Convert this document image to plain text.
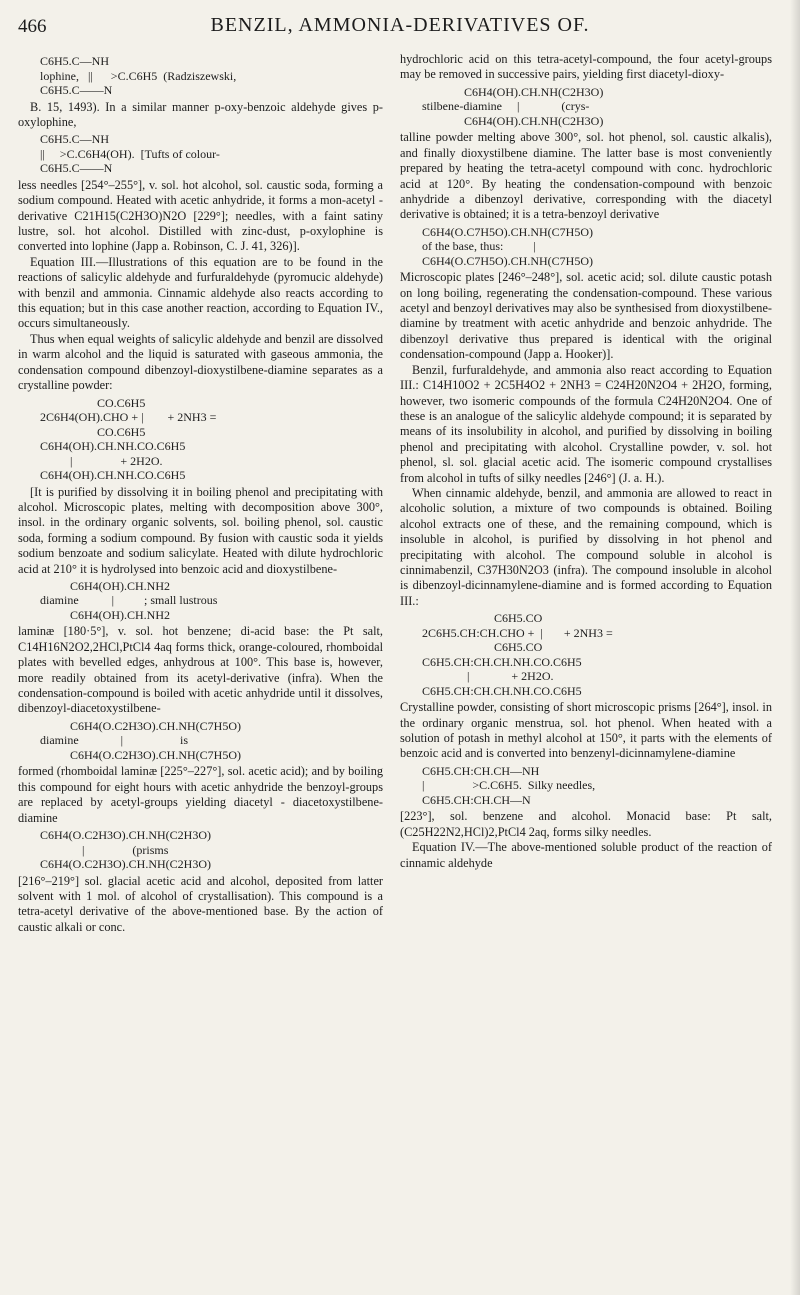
466	BENZIL, AMMONIA-DERIVATIVES OF.
C6H5.C—NH
lophine,   ||      >C.C6H5  (Radziszewski,
C6H5.C——N

B. 15, 1493). In a similar manner p-oxy-benzoic aldehyde gives p-oxylophine,

C6H5.C—NH
||     >C.C6H4(OH).  [Tufts of colour-
C6H5.C——N

less needles [254°–255°], v. sol. hot alcohol, sol. caustic soda, forming a sodium compound. Heated with acetic anhydride, it forms a mon-acetyl - derivative C21H15(C2H3O)N2O [229°]; needles, with a faint satiny lustre, sol. hot alcohol. Distilled with zinc-dust, p-oxylophine is converted into lophine (Japp a. Robinson, C. J. 41, 326)].

Equation III.—Illustrations of this equation are to be found in the reactions of salicylic aldehyde and furfuraldehyde (pyromucic aldehyde) with benzil and ammonia. Cinnamic aldehyde also reacts according to this equation; but in this case another reaction, according to Equation IV., occurs simultaneously.

Thus when equal weights of salicylic aldehyde and benzil are dissolved in warm alcohol and the liquid is saturated with gaseous ammonia, the condensation compound dibenzoyl-dioxystilbene-diamine separates as a crystalline powder:

CO.C6H5
2C6H4(OH).CHO + |        + 2NH3 =
CO.C6H5
C6H4(OH).CH.NH.CO.C6H5
|                + 2H2O.
C6H4(OH).CH.NH.CO.C6H5

[It is purified by dissolving it in boiling phenol and precipitating with alcohol. Microscopic plates, melting with decomposition above 300°, insol. in the ordinary organic solvents, sol. boiling phenol, sol. caustic soda, forming a sodium compound. By fusion with caustic soda it yields sodium benzoate and sodium salicylate. Heated with dilute hydrochloric acid at 210° it is hydrolysed into benzoic acid and dioxystilbene-

C6H4(OH).CH.NH2
diamine           |          ; small lustrous
C6H4(OH).CH.NH2

laminæ [180·5°], v. sol. hot benzene; di-acid base: the Pt salt, C14H16N2O2,2HCl,PtCl4 4aq forms thick, orange-coloured, rhomboidal plates with bevelled edges, anhydrous at 100°. This base is, however, more readily obtained from its acetyl-derivative (infra). When the condensation-compound is boiled with acetic anhydride until it dissolves, dibenzoyl-diacetoxystilbene-

C6H4(O.C2H3O).CH.NH(C7H5O)
diamine              |                   is
C6H4(O.C2H3O).CH.NH(C7H5O)

formed (rhomboidal laminæ [225°–227°], sol. acetic acid); and by boiling this compound for eight hours with acetic anhydride the benzoyl-groups are replaced by acetyl-groups yielding diacetyl - diacetoxystilbene-diamine

C6H4(O.C2H3O).CH.NH(C2H3O)
|                (prisms
C6H4(O.C2H3O).CH.NH(C2H3O)

[216°–219°] sol. glacial acetic acid and alcohol, deposited from latter solvent with 1 mol. of alcohol of crystallisation). This compound is a tetra-acetyl derivative of the above-mentioned base. By the action of caustic alkali or conc.

hydrochloric acid on this tetra-acetyl-compound, the four acetyl-groups may be removed in successive pairs, yielding first diacetyl-dioxy-

C6H4(OH).CH.NH(C2H3O)
stilbene-diamine     |              (crys-
C6H4(OH).CH.NH(C2H3O)

talline powder melting above 300°, sol. hot phenol, sol. caustic alkalis), and finally dioxystilbene diamine. The latter base is most conveniently prepared by heating the tetra-acetyl compound with conc. hydrochloric acid at 120°. By heating the condensation-compound with benzoic anhydride a dibenzoyl derivative, corresponding with the diacetyl derivative is obtained; it is a tetra-benzoyl derivative

C6H4(O.C7H5O).CH.NH(C7H5O)
of the base, thus:          |
C6H4(O.C7H5O).CH.NH(C7H5O)

Microscopic plates [246°–248°], sol. acetic acid; sol. dilute caustic potash on long boiling, regenerating the condensation-compound. These various acetyl and benzoyl derivatives may also be synthesised from dioxystilbene-diamine by treatment with acetic anhydride and benzoic anhydride. The dibenzoyl derivative thus prepared is identical with the original condensation-compound (Japp a. Hooker)].

Benzil, furfuraldehyde, and ammonia also react according to Equation III.: C14H10O2 + 2C5H4O2 + 2NH3 = C24H20N2O4 + 2H2O, forming, however, two isomeric compounds of the formula C24H20N2O4. One of these is an analogue of the salicylic aldehyde compound; it is separated by means of its insolubility in alcohol, and purified by dissolving in boiling phenol and precipitating with alcohol. Crystalline powder, v. sol. hot phenol, sl. sol. glacial acetic acid. The isomeric compound crystallises from alcohol in tufts of silky needles [246°] (J. a. H.).

When cinnamic aldehyde, benzil, and ammonia are allowed to react in alcoholic solution, a mixture of two compounds is obtained. Boiling alcohol extracts one of these, and the remaining compound, which is insoluble in alcohol, is purified by dissolving in hot phenol and precipitating with alcohol. The compound soluble in alcohol is cinnimabenzil, C37H30N2O3 (infra). The compound insoluble in alcohol is dibenzoyl-dicinnamylene-diamine and is formed according to Equation III.:

C6H5.CO
2C6H5.CH:CH.CHO +  |       + 2NH3 =
C6H5.CO
C6H5.CH:CH.CH.NH.CO.C6H5
|              + 2H2O.
C6H5.CH:CH.CH.NH.CO.C6H5

Crystalline powder, consisting of short microscopic prisms [264°], insol. in the ordinary organic menstrua, sol. hot phenol. When heated with a solution of potash in methyl alcohol at 150°, it parts with the elements of benzoic acid and is converted into benzenyl-dicinnamylene-diamine

C6H5.CH:CH.CH—NH
|                >C.C6H5.  Silky needles,
C6H5.CH:CH.CH—N

[223°], sol. benzene and alcohol. Monacid base: Pt salt, (C25H22N2,HCl)2,PtCl4 2aq, forms silky needles.

Equation IV.—The above-mentioned soluble product of the reaction of cinnamic aldehyde
